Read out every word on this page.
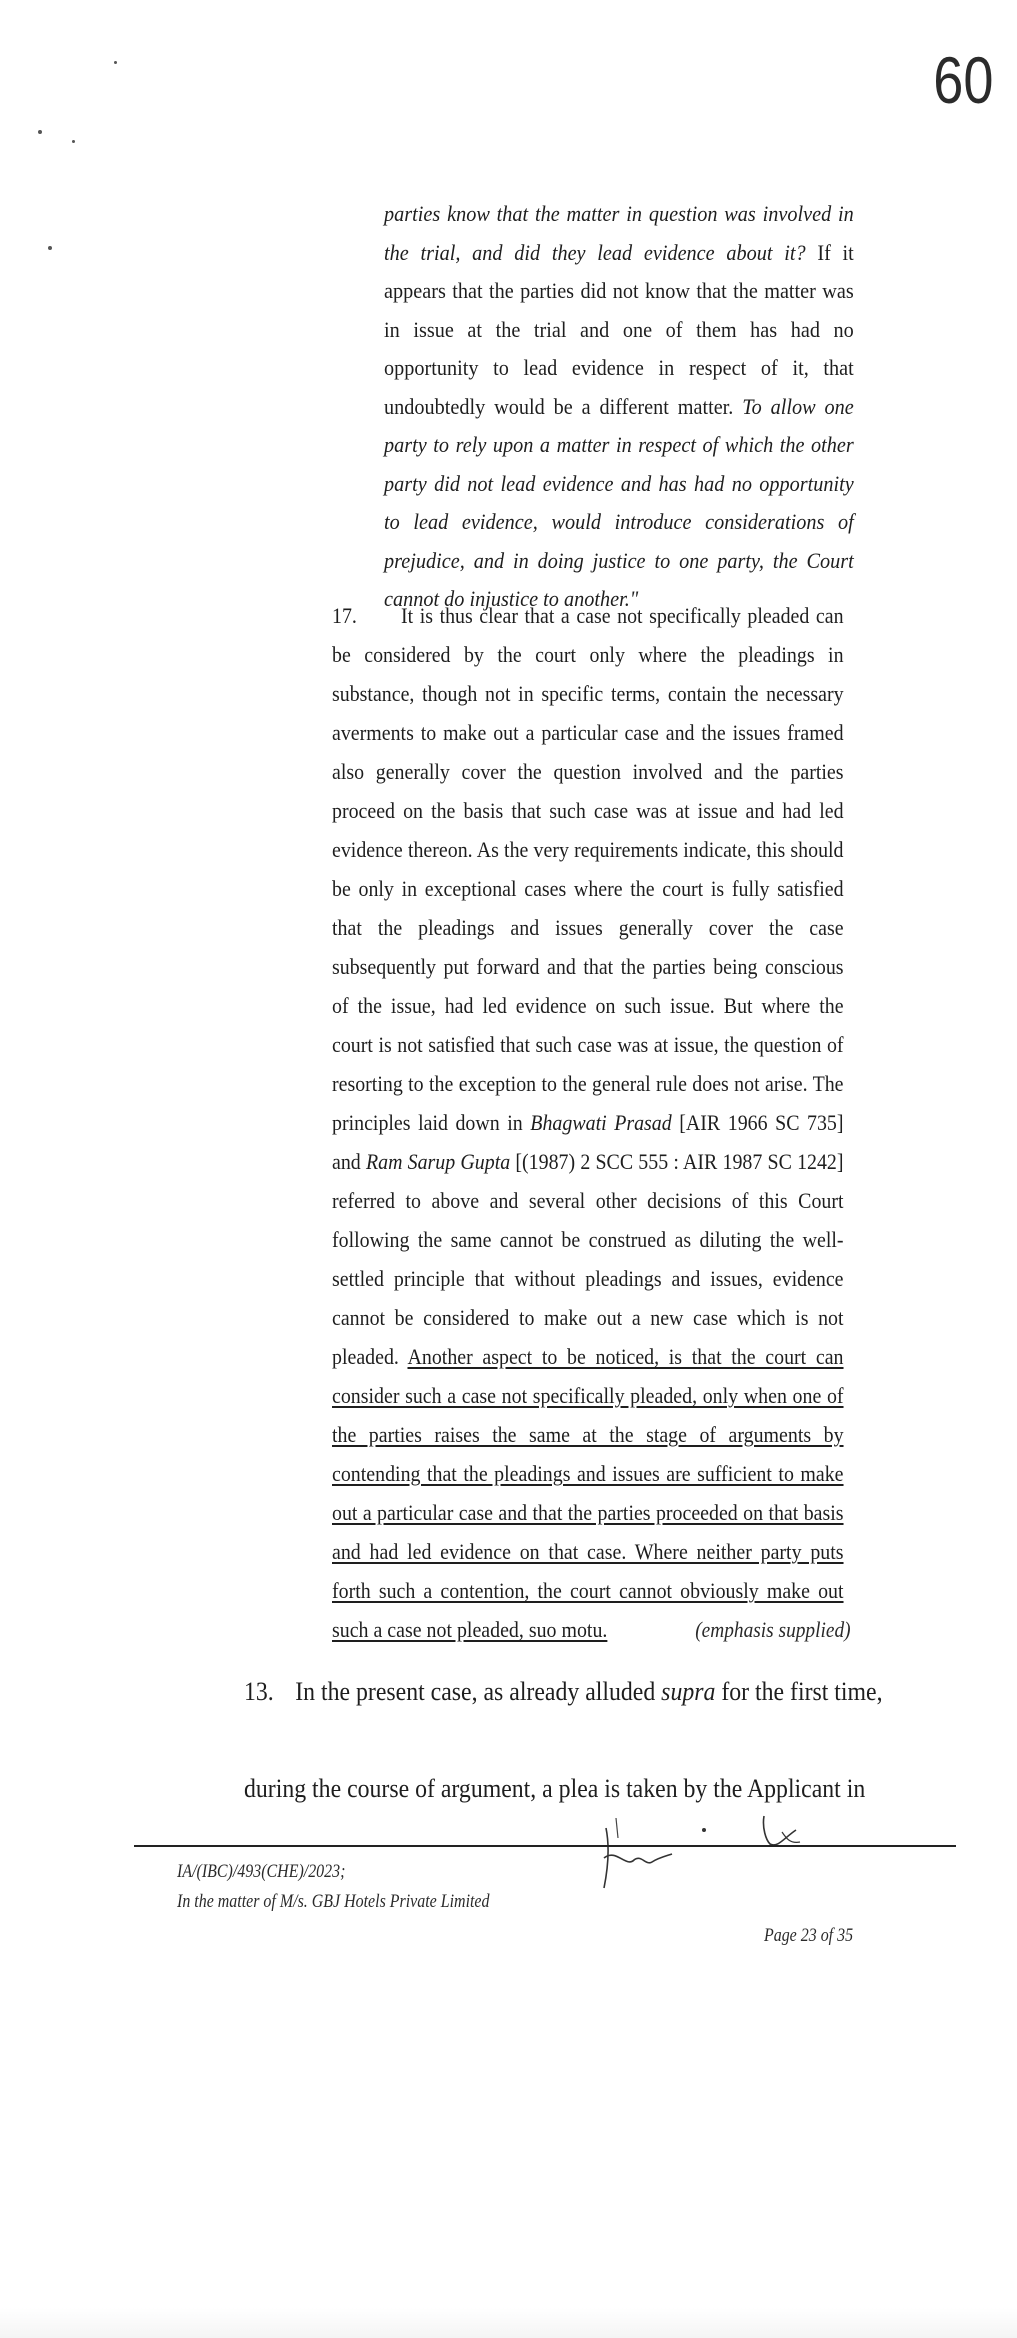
60

parties know that the matter in question was involved in the trial, and did they lead evidence about it? If it appears that the parties did not know that the matter was in issue at the trial and one of them has had no opportunity to lead evidence in respect of it, that undoubtedly would be a different matter. To allow one party to rely upon a matter in respect of which the other party did not lead evidence and has had no opportunity to lead evidence, would introduce considerations of prejudice, and in doing justice to one party, the Court cannot do injustice to another."

17. It is thus clear that a case not specifically pleaded can be considered by the court only where the pleadings in substance, though not in specific terms, contain the necessary averments to make out a particular case and the issues framed also generally cover the question involved and the parties proceed on the basis that such case was at issue and had led evidence thereon. As the very requirements indicate, this should be only in exceptional cases where the court is fully satisfied that the pleadings and issues generally cover the case subsequently put forward and that the parties being conscious of the issue, had led evidence on such issue. But where the court is not satisfied that such case was at issue, the question of resorting to the exception to the general rule does not arise. The principles laid down in Bhagwati Prasad [AIR 1966 SC 735] and Ram Sarup Gupta [(1987) 2 SCC 555 : AIR 1987 SC 1242] referred to above and several other decisions of this Court following the same cannot be construed as diluting the well-settled principle that without pleadings and issues, evidence cannot be considered to make out a new case which is not pleaded. Another aspect to be noticed, is that the court can consider such a case not specifically pleaded, only when one of the parties raises the same at the stage of arguments by contending that the pleadings and issues are sufficient to make out a particular case and that the parties proceeded on that basis and had led evidence on that case. Where neither party puts forth such a contention, the court cannot obviously make out such a case not pleaded, suo motu.	(emphasis supplied)
13. In the present case, as already alluded supra for the first time,
during the course of argument, a plea is taken by the Applicant in
IA/(IBC)/493(CHE)/2023;
In the matter of M/s. GBJ Hotels Private Limited
Page 23 of 35
